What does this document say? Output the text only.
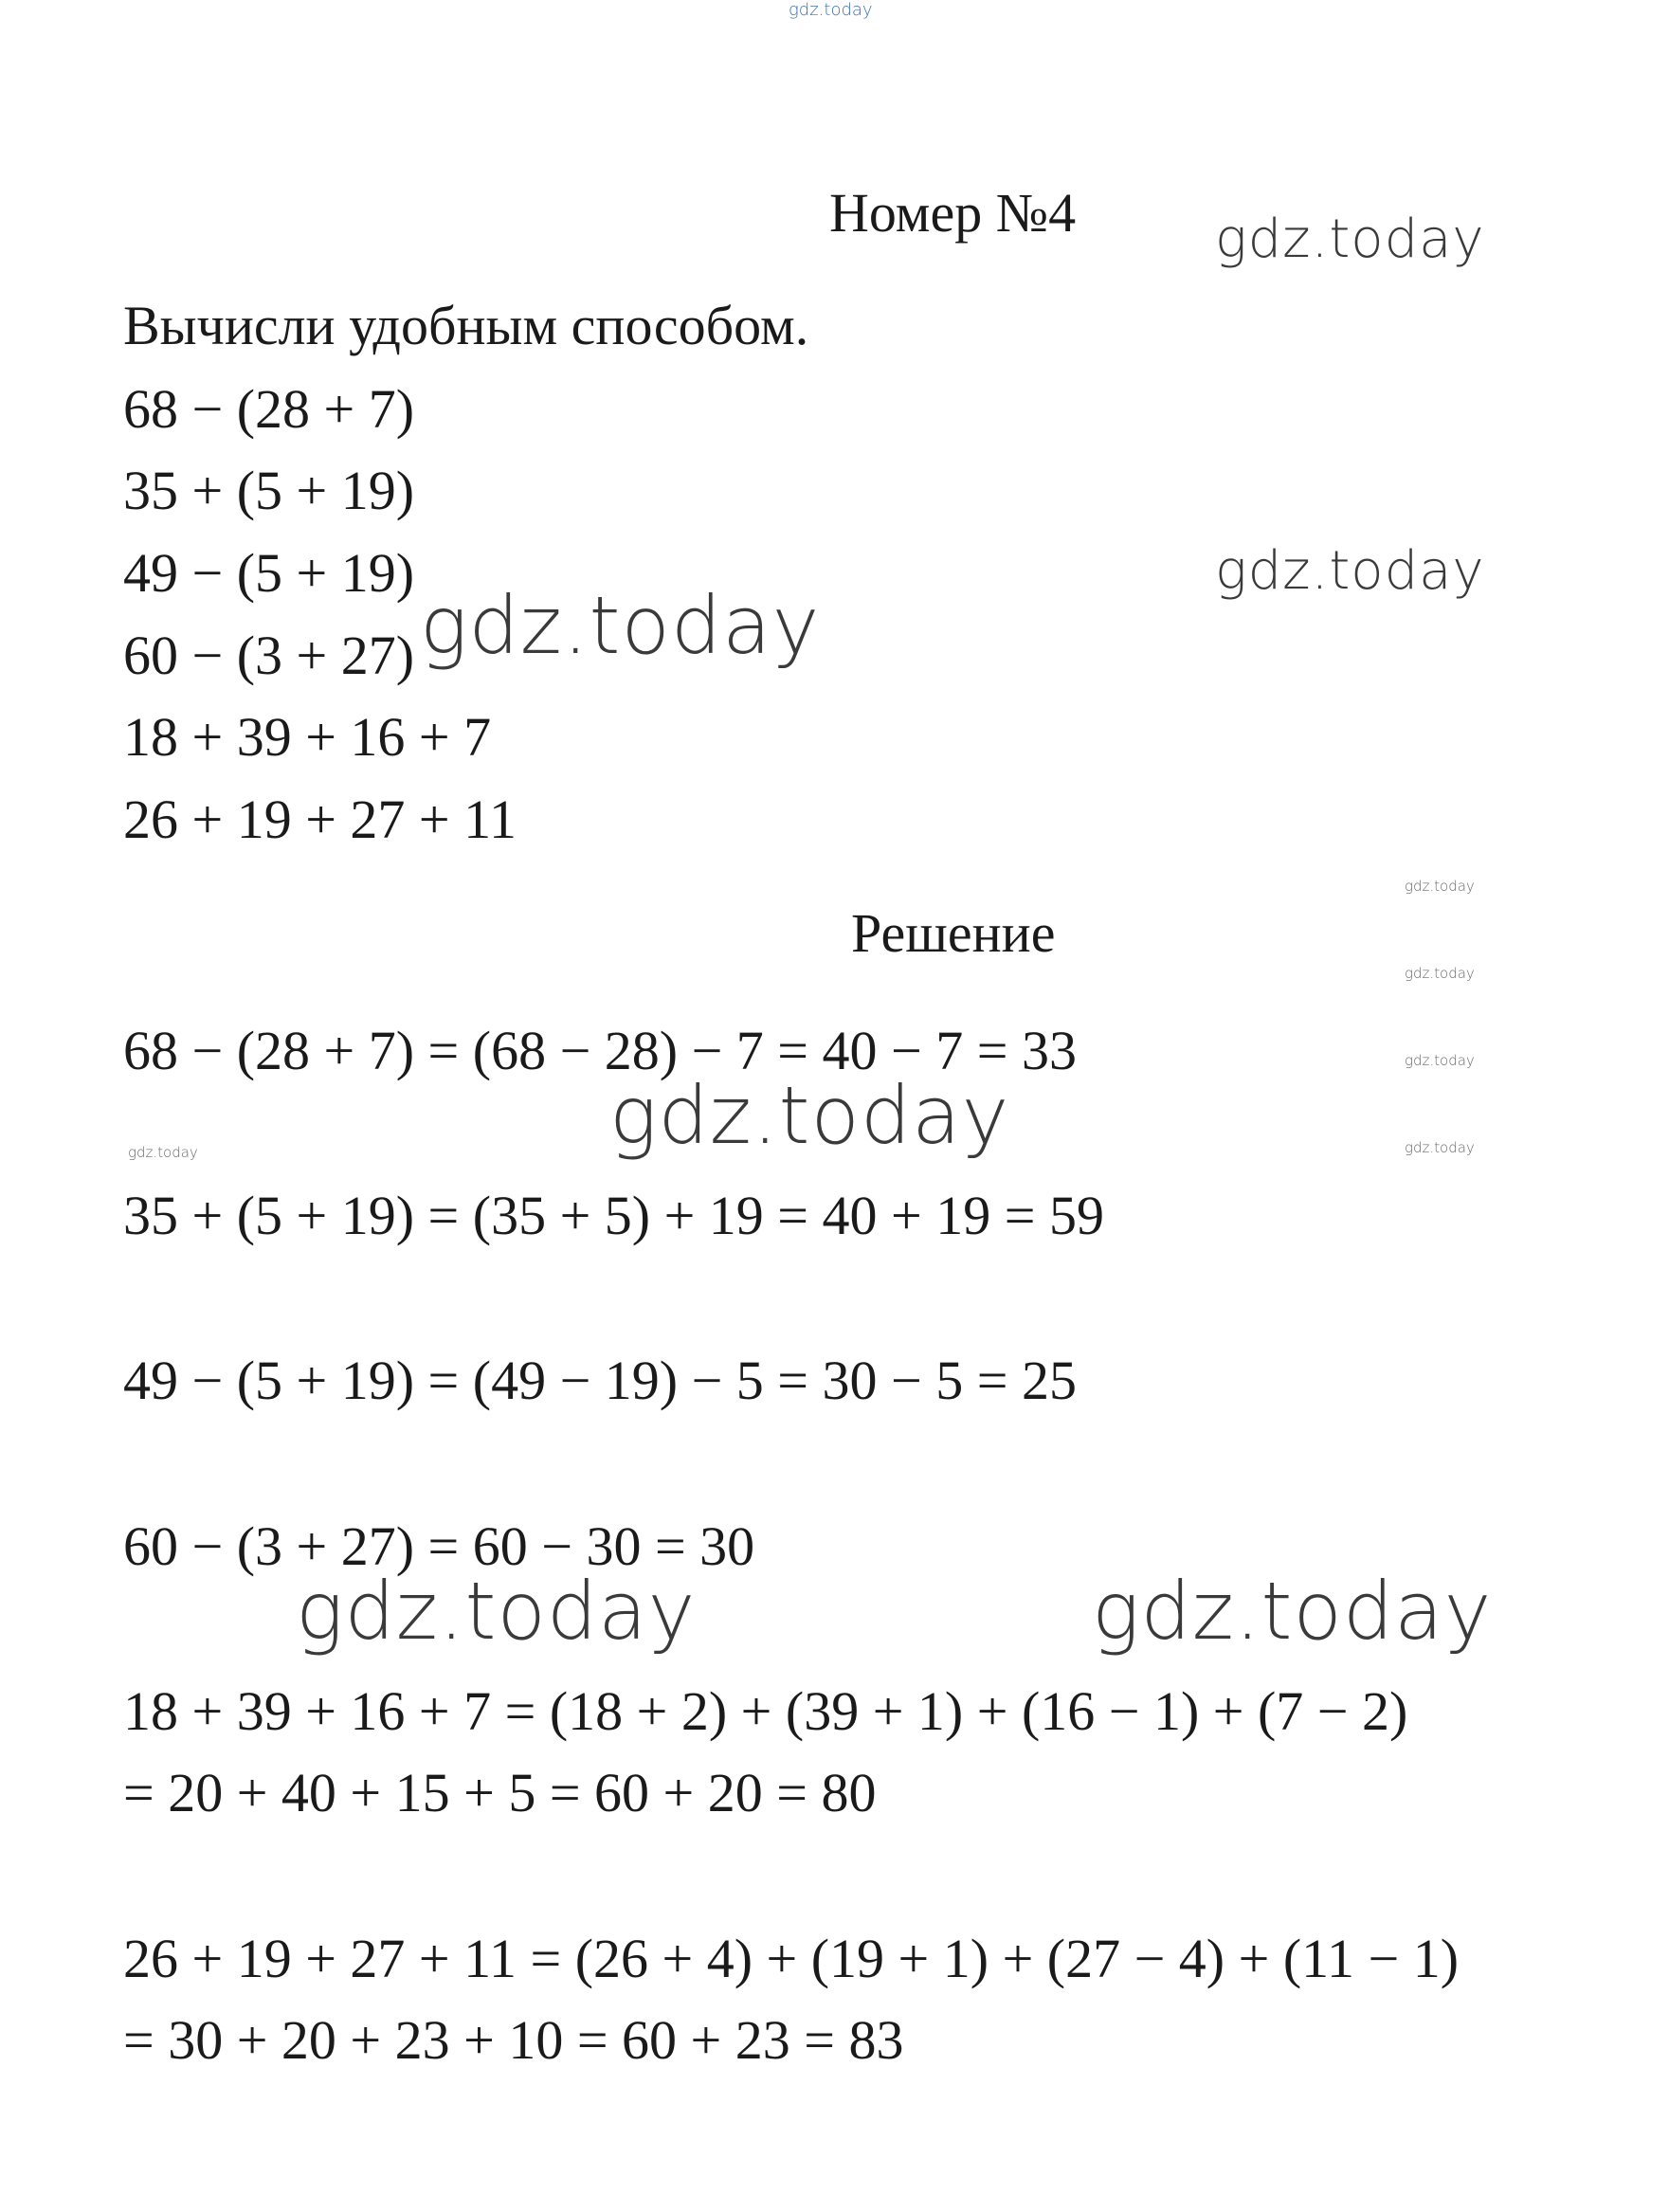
gdz.today
Номер №4	gdz.today
Вычисли удобным способом.
68 − (28 + 7)
35 + (5 + 19)
49 − (5 + 19)
60 − (3 + 27)
18 + 39 + 16 + 7
26 + 19 + 27 + 11
gdz.today
gdz.today
gdz.today
gdz.today
gdz.today
gdz.today
gdz.today
Решение
68 − (28 + 7) = (68 − 28) − 7 = 40 − 7 = 33
gdz.today
35 + (5 + 19) = (35 + 5) + 19 = 40 + 19 = 59
49 − (5 + 19) = (49 − 19) − 5 = 30 − 5 = 25
60 − (3 + 27) = 60 − 30 = 30
gdz.today	gdz.today
18 + 39 + 16 + 7 = (18 + 2) + (39 + 1) + (16 − 1) + (7 − 2)
= 20 + 40 + 15 + 5 = 60 + 20 = 80
26 + 19 + 27 + 11 = (26 + 4) + (19 + 1) + (27 − 4) + (11 − 1)
= 30 + 20 + 23 + 10 = 60 + 23 = 83
